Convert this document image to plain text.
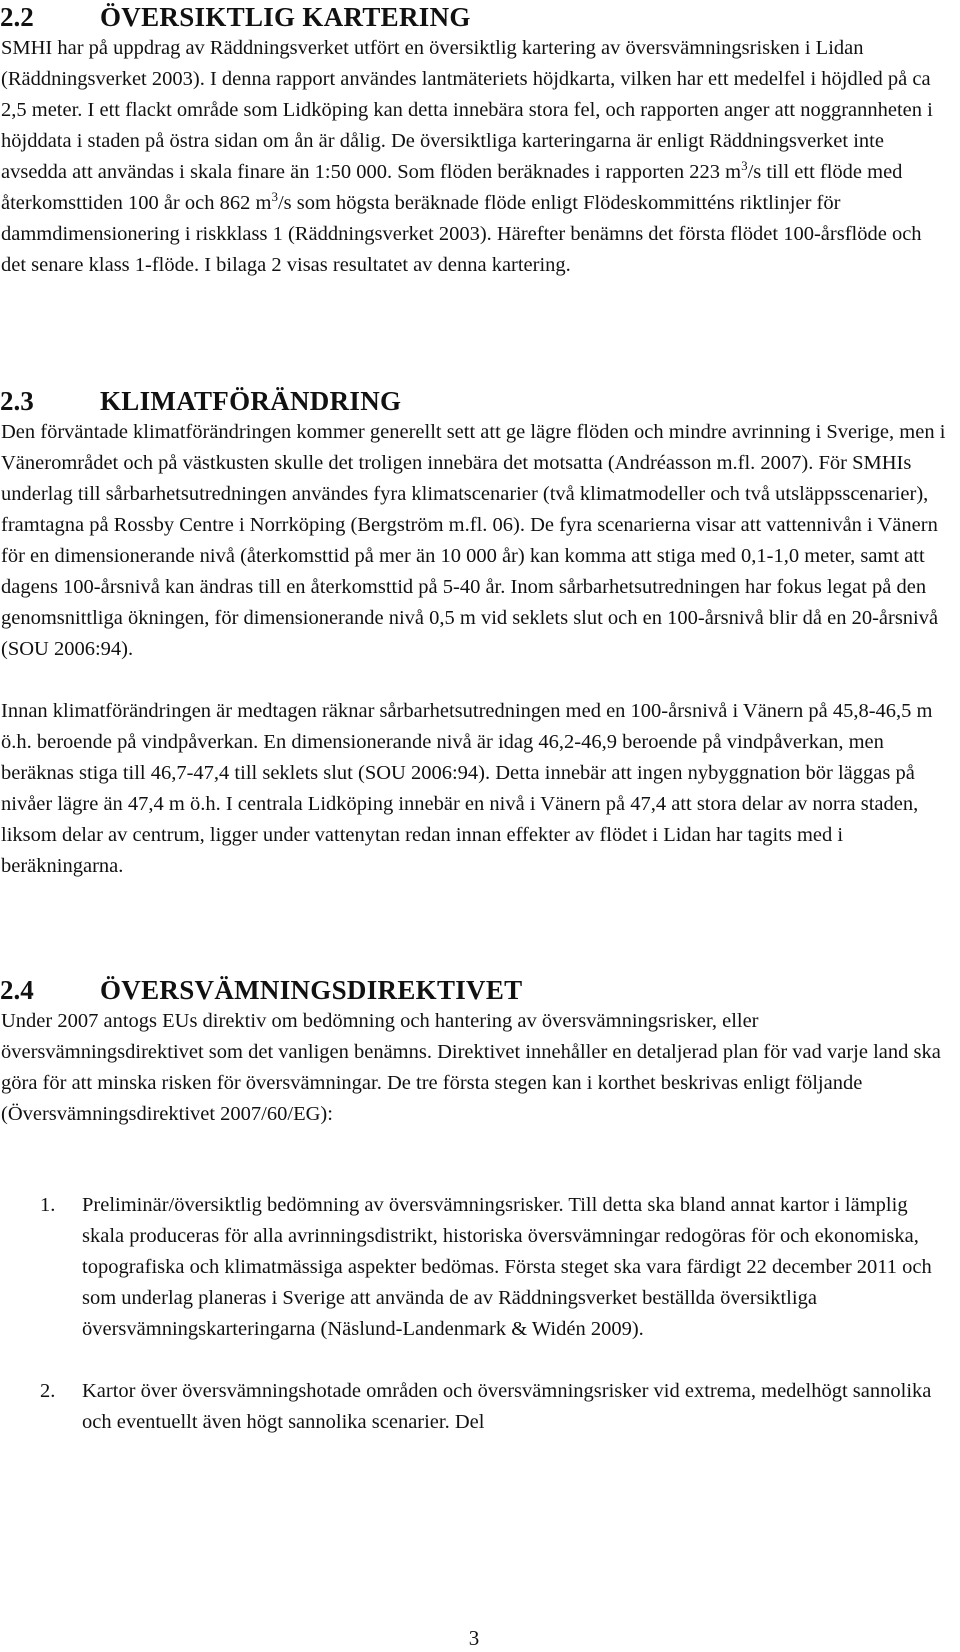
2.2	ÖVERSIKTLIG KARTERING

SMHI har på uppdrag av Räddningsverket utfört en översiktlig kartering av översvämningsrisken i Lidan (Räddningsverket 2003). I denna rapport användes lantmäteriets höjdkarta, vilken har ett medelfel i höjdled på ca 2,5 meter. I ett flackt område som Lidköping kan detta innebära stora fel, och rapporten anger att noggrannheten i höjddata i staden på östra sidan om ån är dålig. De översiktliga karteringarna är enligt Räddningsverket inte avsedda att användas i skala finare än 1:50 000. Som flöden beräknades i rapporten 223 $m^3/s$ till ett flöde med återkomsttiden 100 år och 862 $m^3/s$ som högsta beräknade flöde enligt Flödeskommitténs riktlinjer för dammdimensionering i riskklass 1 (Räddningsverket 2003). Härefter benämns det första flödet 100-årsflöde och det senare klass 1-flöde. I bilaga 2 visas resultatet av denna kartering.

2.3	KLIMATFÖRÄNDRING

Den förväntade klimatförändringen kommer generellt sett att ge lägre flöden och mindre avrinning i Sverige, men i Vänerområdet och på västkusten skulle det troligen innebära det motsatta (Andréasson m.fl. 2007). För SMHIs underlag till sårbarhetsutredningen användes fyra klimatscenarier (två klimatmodeller och två utsläppsscenarier), framtagna på Rossby Centre i Norrköping (Bergström m.fl. 06). De fyra scenarierna visar att vattennivån i Vänern för en dimensionerande nivå (återkomsttid på mer än 10 000 år) kan komma att stiga med 0,1-1,0 meter, samt att dagens 100-årsnivå kan ändras till en återkomsttid på 5-40 år. Inom sårbarhetsutredningen har fokus legat på den genomsnittliga ökningen, för dimensionerande nivå 0,5 m vid seklets slut och en 100-årsnivå blir då en 20-årsnivå (SOU 2006:94).

Innan klimatförändringen är medtagen räknar sårbarhetsutredningen med en 100-årsnivå i Vänern på 45,8-46,5 m ö.h. beroende på vindpåverkan. En dimensionerande nivå är idag 46,2-46,9 beroende på vindpåverkan, men beräknas stiga till 46,7-47,4 till seklets slut (SOU 2006:94). Detta innebär att ingen nybyggnation bör läggas på nivåer lägre än 47,4 m ö.h. I centrala Lidköping innebär en nivå i Vänern på 47,4 att stora delar av norra staden, liksom delar av centrum, ligger under vattenytan redan innan effekter av flödet i Lidan har tagits med i beräkningarna.

2.4	ÖVERSVÄMNINGSDIREKTIVET

Under 2007 antogs EUs direktiv om bedömning och hantering av översvämningsrisker, eller översvämningsdirektivet som det vanligen benämns. Direktivet innehåller en detaljerad plan för vad varje land ska göra för att minska risken för översvämningar. De tre första stegen kan i korthet beskrivas enligt följande (Översvämningsdirektivet 2007/60/EG):

1. Preliminär/översiktlig bedömning av översvämningsrisker. Till detta ska bland annat kartor i lämplig skala produceras för alla avrinningsdistrikt, historiska översvämningar redogöras för och ekonomiska, topografiska och klimatmässiga aspekter bedömas. Första steget ska vara färdigt 22 december 2011 och som underlag planeras i Sverige att använda de av Räddningsverket beställda översiktliga översvämningskarteringarna (Näslund-Landenmark & Widén 2009).
2. Kartor över översvämningshotade områden och översvämningsrisker vid extrema, medelhögt sannolika och eventuellt även högt sannolika scenarier. Del
3
